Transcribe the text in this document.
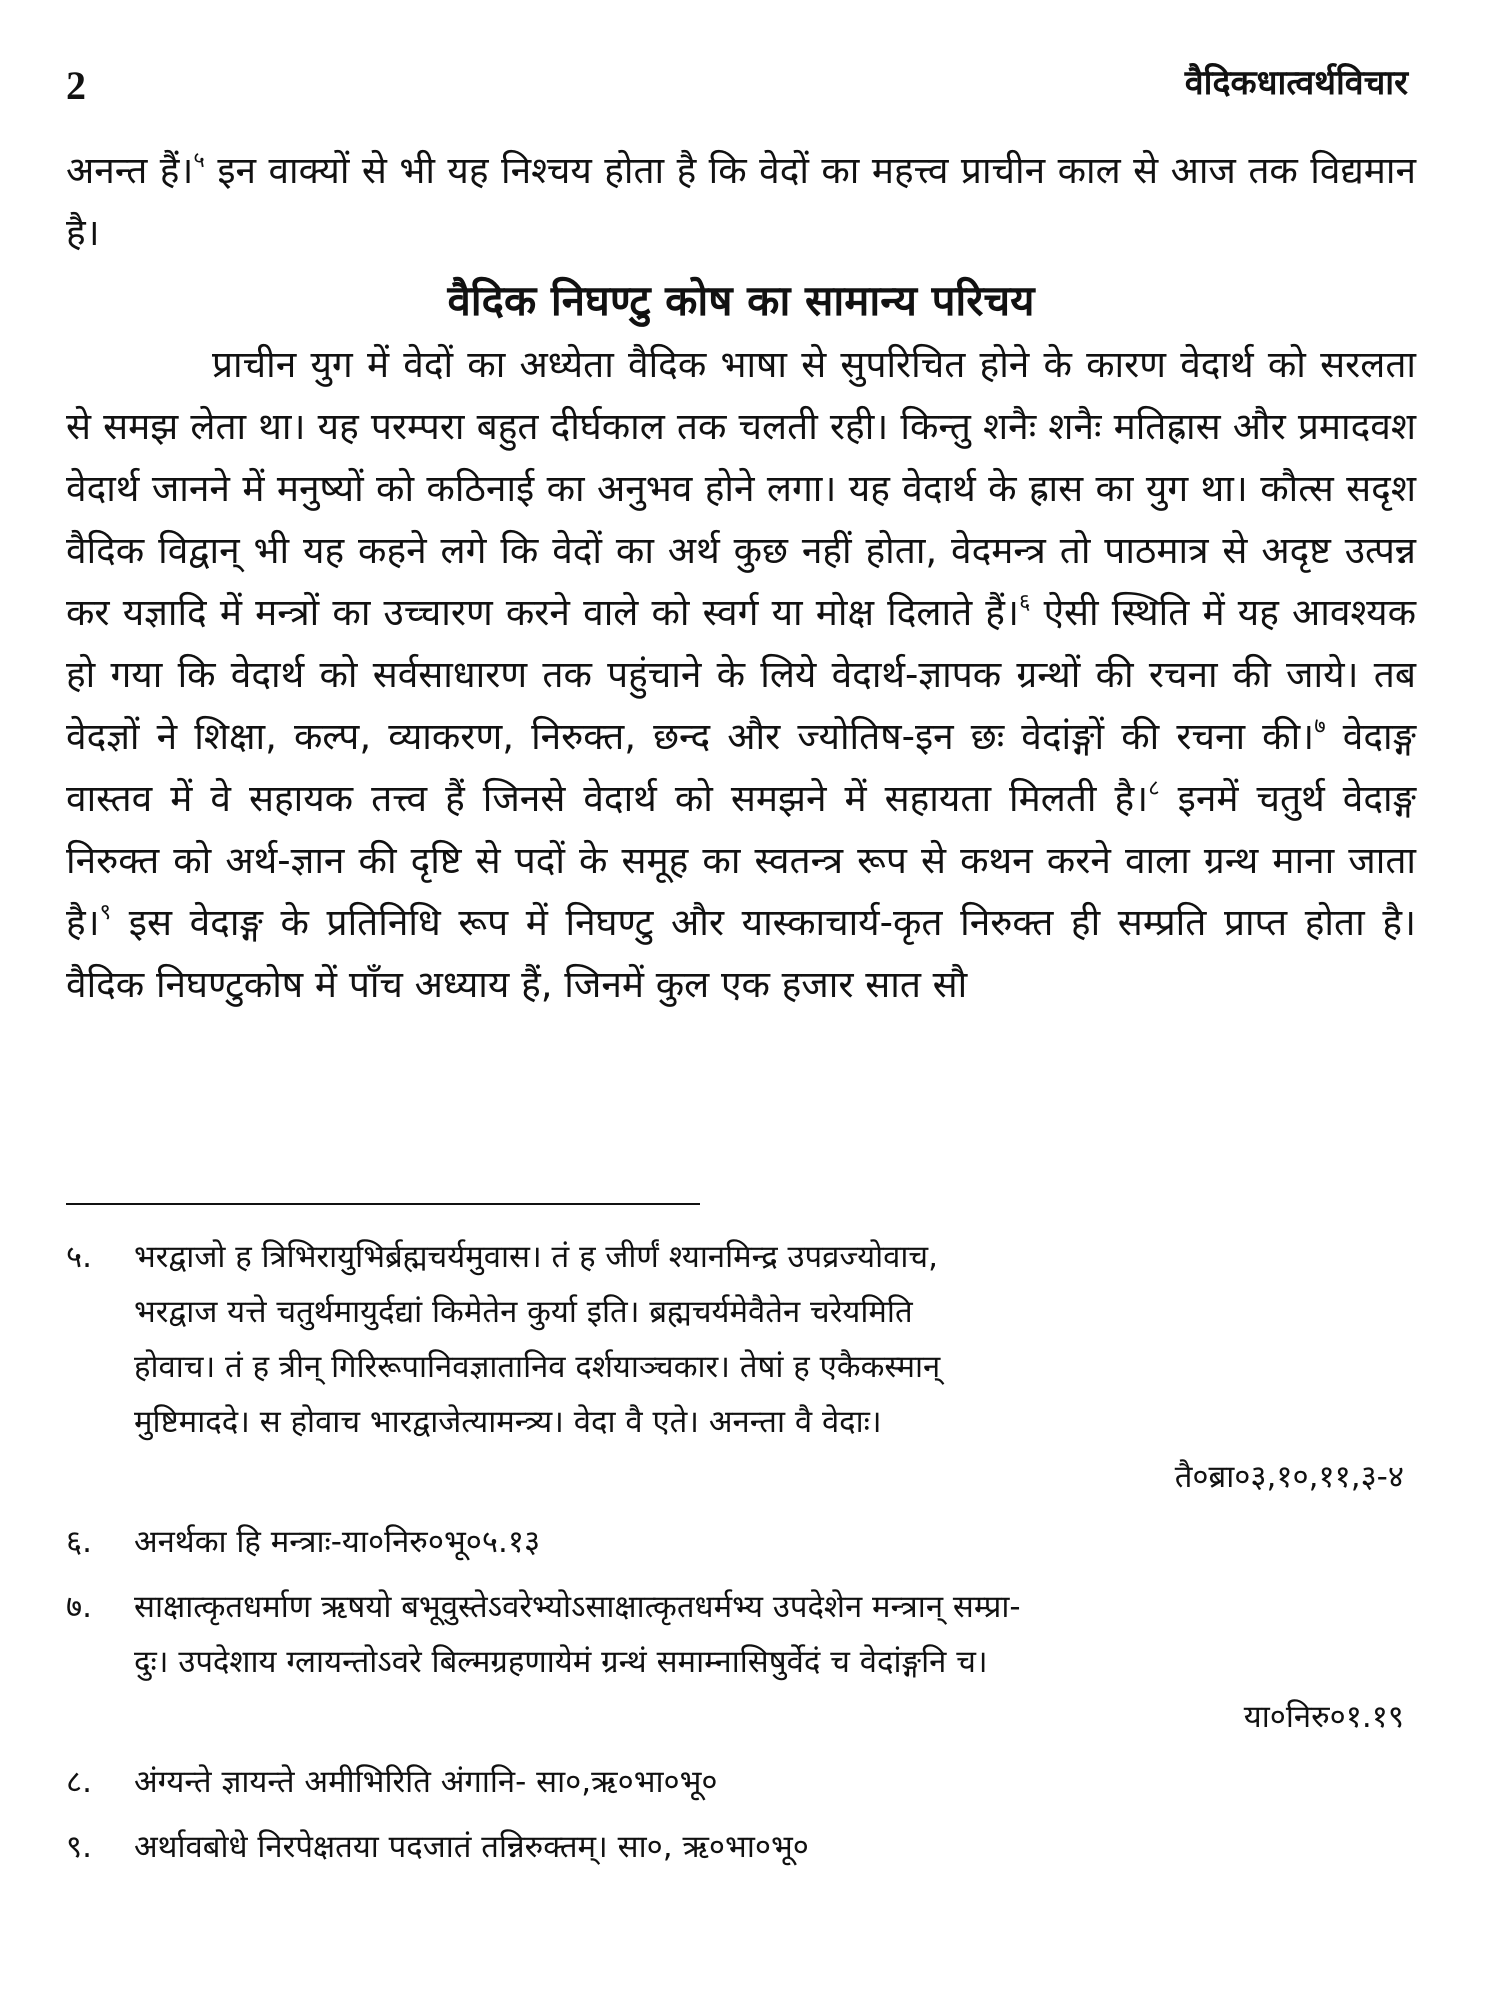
2	वैदिकधात्वर्थविचार

अनन्त हैं।$^५$ इन वाक्यों से भी यह निश्चय होता है कि वेदों का महत्त्व प्राचीन काल से आज तक विद्यमान है।

वैदिक निघण्टु कोष का सामान्य परिचय

प्राचीन युग में वेदों का अध्येता वैदिक भाषा से सुपरिचित होने के कारण वेदार्थ को सरलता से समझ लेता था। यह परम्परा बहुत दीर्घकाल तक चलती रही। किन्तु शनैः शनैः मतिह्रास और प्रमादवश वेदार्थ जानने में मनुष्यों को कठिनाई का अनुभव होने लगा। यह वेदार्थ के ह्रास का युग था। कौत्स सदृश वैदिक विद्वान् भी यह कहने लगे कि वेदों का अर्थ कुछ नहीं होता, वेदमन्त्र तो पाठमात्र से अदृष्ट उत्पन्न कर यज्ञादि में मन्त्रों का उच्चारण करने वाले को स्वर्ग या मोक्ष दिलाते हैं।$^६$ ऐसी स्थिति में यह आवश्यक हो गया कि वेदार्थ को सर्वसाधारण तक पहुंचाने के लिये वेदार्थ-ज्ञापक ग्रन्थों की रचना की जाये। तब वेदज्ञों ने शिक्षा, कल्प, व्याकरण, निरुक्त, छन्द और ज्योतिष-इन छः वेदांङ्गों की रचना की।$^७$ वेदाङ्ग वास्तव में वे सहायक तत्त्व हैं जिनसे वेदार्थ को समझने में सहायता मिलती है।$^८$ इनमें चतुर्थ वेदाङ्ग निरुक्त को अर्थ-ज्ञान की दृष्टि से पदों के समूह का स्वतन्त्र रूप से कथन करने वाला ग्रन्थ माना जाता है।$^९$ इस वेदाङ्ग के प्रतिनिधि रूप में निघण्टु और यास्काचार्य-कृत निरुक्त ही सम्प्रति प्राप्त होता है। वैदिक निघण्टुकोष में पाँच अध्याय हैं, जिनमें कुल एक हजार सात सौ

५. भरद्वाजो ह त्रिभिरायुभिर्ब्रह्मचर्यमुवास। तं ह जीर्णं श्यानमिन्द्र उपव्रज्योवाच,
भरद्वाज यत्ते चतुर्थमायुर्दद्यां किमेतेन कुर्या इति। ब्रह्मचर्यमेवैतेन चरेयमिति
होवाच। तं ह त्रीन् गिरिरूपानिवज्ञातानिव दर्शयाञ्चकार। तेषां ह एकैकस्मान्
मुष्टिमाददे। स होवाच भारद्वाजेत्यामन्त्र्य। वेदा वै एते। अनन्ता वै वेदाः।
तै०ब्रा०३,१०,११,३-४
६. अनर्थका हि मन्त्राः-या०निरु०भू०५.१३
७. साक्षात्कृतधर्माण ऋषयो बभूवुस्तेऽवरेभ्योऽसाक्षात्कृतधर्मभ्य उपदेशेन मन्त्रान् सम्प्रा-
दुः। उपदेशाय ग्लायन्तोऽवरे बिल्मग्रहणायेमं ग्रन्थं समाम्नासिषुर्वेदं च वेदांङ्गनि च।
या०निरु०१.१९
८. अंग्यन्ते ज्ञायन्ते अमीभिरिति अंगानि- सा०,ऋ०भा०भू०
९. अर्थावबोधे निरपेक्षतया पदजातं तन्निरुक्तम्। सा०, ऋ०भा०भू०
